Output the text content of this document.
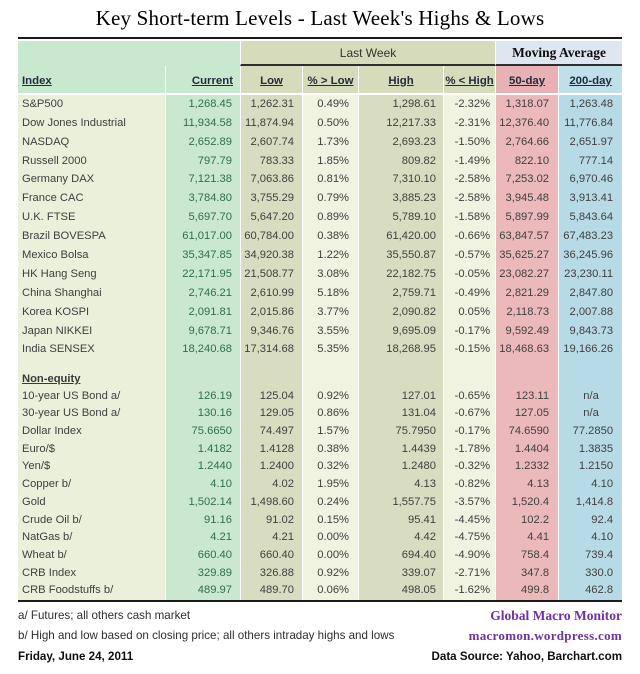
Key Short-term Levels - Last Week's Highs & Lows
		Last Week				Moving Average	
Index	Current	Low	% > Low	High	% < High	50-day	200-day
S&P500	1,268.45	1,262.31	0.49%	1,298.61	-2.32%	1,318.07	1,263.48
Dow Jones Industrial	11,934.58	11,874.94	0.50%	12,217.33	-2.31%	12,376.40	11,776.84
NASDAQ	2,652.89	2,607.74	1.73%	2,693.23	-1.50%	2,764.66	2,651.97
Russell 2000	797.79	783.33	1.85%	809.82	-1.49%	822.10	777.14
Germany DAX	7,121.38	7,063.86	0.81%	7,310.10	-2.58%	7,253.02	6,970.46
France CAC	3,784.80	3,755.29	0.79%	3,885.23	-2.58%	3,945.48	3,913.41
U.K. FTSE	5,697.70	5,647.20	0.89%	5,789.10	-1.58%	5,897.99	5,843.64
Brazil BOVESPA	61,017.00	60,784.00	0.38%	61,420.00	-0.66%	63,847.57	67,483.23
Mexico Bolsa	35,347.85	34,920.38	1.22%	35,550.87	-0.57%	35,625.27	36,245.96
HK Hang Seng	22,171.95	21,508.77	3.08%	22,182.75	-0.05%	23,082.27	23,230.11
China Shanghai	2,746.21	2,610.99	5.18%	2,759.71	-0.49%	2,821.29	2,847.80
Korea KOSPI	2,091.81	2,015.86	3.77%	2,090.82	0.05%	2,118.73	2,007.88
Japan NIKKEI	9,678.71	9,346.76	3.55%	9,695.09	-0.17%	9,592.49	9,843.73
India SENSEX	18,240.68	17,314.68	5.35%	18,268.95	-0.15%	18,468.63	19,166.26

Non-equity							
10-year US Bond a/	126.19	125.04	0.92%	127.01	-0.65%	123.11	n/a
30-year US Bond a/	130.16	129.05	0.86%	131.04	-0.67%	127.05	n/a
Dollar Index	75.6650	74.497	1.57%	75.7950	-0.17%	74.6590	77.2850
Euro/$	1.4182	1.4128	0.38%	1.4439	-1.78%	1.4404	1.3835
Yen/$	1.2440	1.2400	0.32%	1.2480	-0.32%	1.2332	1.2150
Copper b/	4.10	4.02	1.95%	4.13	-0.82%	4.13	4.10
Gold	1,502.14	1,498.60	0.24%	1,557.75	-3.57%	1,520.4	1,414.8
Crude Oil b/	91.16	91.02	0.15%	95.41	-4.45%	102.2	92.4
NatGas b/	4.21	4.21	0.00%	4.42	-4.75%	4.41	4.10
Wheat b/	660.40	660.40	0.00%	694.40	-4.90%	758.4	739.4
CRB Index	329.89	326.88	0.92%	339.07	-2.71%	347.8	330.0
CRB Foodstuffs b/	489.97	489.70	0.06%	498.05	-1.62%	499.8	462.8
a/ Futures; all others cash market
b/ High and low based on closing price; all others intraday highs and lows
Friday, June 24, 2011
Global Macro Monitor
macromon.wordpress.com
Data Source: Yahoo, Barchart.com
